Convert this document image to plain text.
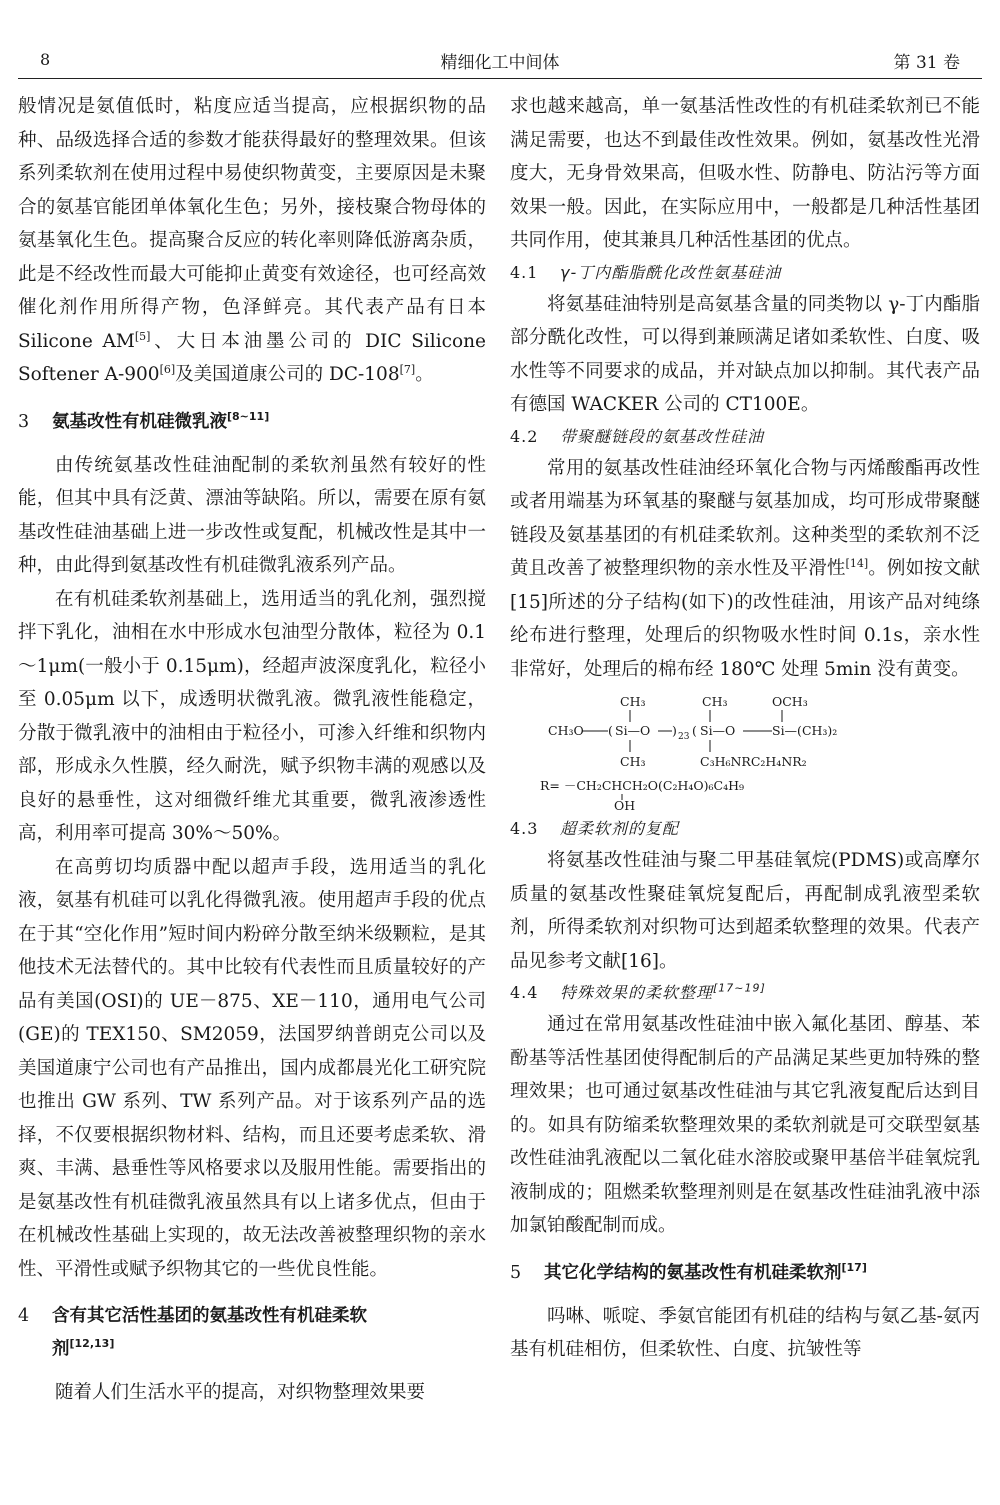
8	精细化工中间体	第 31 卷

般情况是氨值低时，粘度应适当提高，应根据织物的品种、品级选择合适的参数才能获得最好的整理效果。但该系列柔软剂在使用过程中易使织物黄变，主要原因是未聚合的氨基官能团单体氧化生色；另外，接枝聚合物母体的氨基氧化生色。提高聚合反应的转化率则降低游离杂质，此是不经改性而最大可能抑止黄变有效途径，也可经高效催化剂作用所得产物，色泽鲜亮。其代表产品有日本 Silicone AM[5]、大日本油墨公司的 DIC Silicone Softener A-900[6]及美国道康公司的 DC-108[7]。

3 氨基改性有机硅微乳液[8~11]

由传统氨基改性硅油配制的柔软剂虽然有较好的性能，但其中具有泛黄、漂油等缺陷。所以，需要在原有氨基改性硅油基础上进一步改性或复配，机械改性是其中一种，由此得到氨基改性有机硅微乳液系列产品。

在有机硅柔软剂基础上，选用适当的乳化剂，强烈搅拌下乳化，油相在水中形成水包油型分散体，粒径为 0.1～1μm(一般小于 0.15μm)，经超声波深度乳化，粒径小至 0.05μm 以下，成透明状微乳液。微乳液性能稳定，分散于微乳液中的油相由于粒径小，可渗入纤维和织物内部，形成永久性膜，经久耐洗，赋予织物丰满的观感以及良好的悬垂性，这对细微纤维尤其重要，微乳液渗透性高，利用率可提高 30%～50%。

在高剪切均质器中配以超声手段，选用适当的乳化液，氨基有机硅可以乳化得微乳液。使用超声手段的优点在于其“空化作用”短时间内粉碎分散至纳米级颗粒，是其他技术无法替代的。其中比较有代表性而且质量较好的产品有美国(OSI)的 UE－875、XE－110，通用电气公司(GE)的 TEX150、SM2059，法国罗纳普朗克公司以及美国道康宁公司也有产品推出，国内成都晨光化工研究院也推出 GW 系列、TW 系列产品。对于该系列产品的选择，不仅要根据织物材料、结构，而且还要考虑柔软、滑爽、丰满、悬垂性等风格要求以及服用性能。需要指出的是氨基改性有机硅微乳液虽然具有以上诸多优点，但由于在机械改性基础上实现的，故无法改善被整理织物的亲水性、平滑性或赋予织物其它的一些优良性能。

4 含有其它活性基团的氨基改性有机硅柔软
剂[12,13]

随着人们生活水平的提高，对织物整理效果要

求也越来越高，单一氨基活性改性的有机硅柔软剂已不能满足需要，也达不到最佳改性效果。例如，氨基改性光滑度大，无身骨效果高，但吸水性、防静电、防沾污等方面效果一般。因此，在实际应用中，一般都是几种活性基团共同作用，使其兼具几种活性基团的优点。

4.1 γ-丁内酯脂酰化改性氨基硅油

将氨基硅油特别是高氨基含量的同类物以 γ-丁内酯脂部分酰化改性，可以得到兼顾满足诸如柔软性、白度、吸水性等不同要求的成品，并对缺点加以抑制。其代表产品有德国 WACKER 公司的 CT100E。

4.2 带聚醚链段的氨基改性硅油

常用的氨基改性硅油经环氧化合物与丙烯酸酯再改性或者用端基为环氧基的聚醚与氨基加成，均可形成带聚醚链段及氨基基团的有机硅柔软剂。这种类型的柔软剂不泛黄且改善了被整理织物的亲水性及平滑性[14]。例如按文献[15]所述的分子结构(如下)的改性硅油，用该产品对纯绦纶布进行整理，处理后的织物吸水性时间 0.1s，亲水性非常好，处理后的棉布经 180℃ 处理 5min 没有黄变。

CH₃	CH₃	OCH₃
CH₃O ( Si—O ) 23 ( Si—O	Si—(CH₃)₂
CH₃	C₃H₆NRC₂H₄NR₂
R= －CH₂CHCH₂O(C₂H₄O)₆C₄H₉
OH
4.3 超柔软剂的复配

将氨基改性硅油与聚二甲基硅氧烷(PDMS)或高摩尔质量的氨基改性聚硅氧烷复配后，再配制成乳液型柔软剂，所得柔软剂对织物可达到超柔软整理的效果。代表产品见参考文献[16]。

4.4 特殊效果的柔软整理[17~19]

通过在常用氨基改性硅油中嵌入氟化基团、醇基、苯酚基等活性基团使得配制后的产品满足某些更加特殊的整理效果；也可通过氨基改性硅油与其它乳液复配后达到目的。如具有防缩柔软整理效果的柔软剂就是可交联型氨基改性硅油乳液配以二氧化硅水溶胶或聚甲基倍半硅氧烷乳液制成的；阻燃柔软整理剂则是在氨基改性硅油乳液中添加氯铂酸配制而成。

5 其它化学结构的氨基改性有机硅柔软剂[17]

吗啉、哌啶、季氨官能团有机硅的结构与氨乙基-氨丙基有机硅相仿，但柔软性、白度、抗皱性等
